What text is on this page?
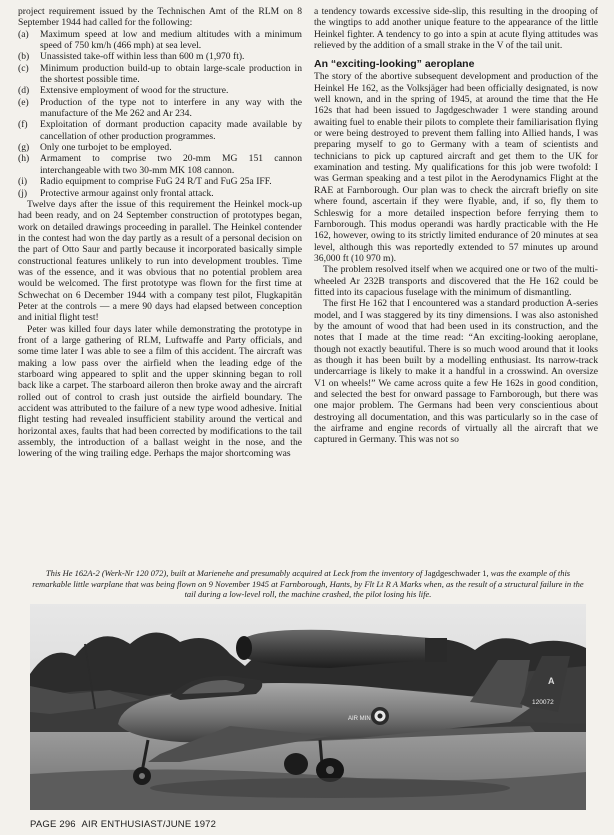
project requirement issued by the Technischen Amt of the RLM on 8 September 1944 had called for the following:

(a)	Maximum speed at low and medium altitudes with a minimum speed of 750 km/h (466 mph) at sea level.
(b)	Unassisted take-off within less than 600 m (1,970 ft).
(c)	Minimum production build-up to obtain large-scale production in the shortest possible time.
(d)	Extensive employment of wood for the structure.
(e)	Production of the type not to interfere in any way with the manufacture of the Me 262 and Ar 234.
(f)	Exploitation of dormant production capacity made available by cancellation of other production programmes.
(g)	Only one turbojet to be employed.
(h)	Armament to comprise two 20-mm MG 151 cannon interchangeable with two 30-mm MK 108 cannon.
(i)	Radio equipment to comprise FuG 24 R/T and FuG 25a IFF.
(j)	Protective armour against only frontal attack.

Twelve days after the issue of this requirement the Heinkel mock-up had been ready, and on 24 September construction of prototypes began, work on detailed drawings proceeding in parallel. The Heinkel contender in the contest had won the day partly as a result of a personal decision on the part of Otto Saur and partly because it incorporated basically simple constructional features unlikely to run into development troubles. Time was of the essence, and it was obvious that no potential problem area would be welcomed. The first prototype was flown for the first time at Schwechat on 6 December 1944 with a company test pilot, Flugkapitän Peter at the controls — a mere 90 days had elapsed between conception and initial flight test!

Peter was killed four days later while demonstrating the prototype in front of a large gathering of RLM, Luftwaffe and Party officials, and some time later I was able to see a film of this accident. The aircraft was making a low pass over the airfield when the leading edge of the starboard wing appeared to split and the upper skinning began to roll back like a carpet. The starboard aileron then broke away and the aircraft rolled out of control to crash just outside the airfield boundary. The accident was attributed to the failure of a new type wood adhesive. Initial flight testing had revealed insufficient stability around the vertical and horizontal axes, faults that had been corrected by modifications to the tail assembly, the introduction of a ballast weight in the nose, and the lowering of the wing trailing edge. Perhaps the major shortcoming was

a tendency towards excessive side-slip, this resulting in the drooping of the wingtips to add another unique feature to the appearance of the little Heinkel fighter. A tendency to go into a spin at acute flying attitudes was relieved by the addition of a small strake in the V of the tail unit.

An “exciting-looking” aeroplane

The story of the abortive subsequent development and production of the Heinkel He 162, as the Volksjäger had been officially designated, is now well known, and in the spring of 1945, at around the time that the He 162s that had been issued to Jagdgeschwader 1 were standing around awaiting fuel to enable their pilots to complete their familiarisation flying or were being destroyed to prevent them falling into Allied hands, I was preparing myself to go to Germany with a team of scientists and technicians to pick up captured aircraft and get them to the UK for examination and testing. My qualifications for this job were twofold: I was German speaking and a test pilot in the Aerodynamics Flight at the RAE at Farnborough. Our plan was to check the aircraft briefly on site where found, ascertain if they were flyable, and, if so, fly them to Schleswig for a more detailed inspection before ferrying them to Farnborough. This modus operandi was hardly practicable with the He 162, however, owing to its strictly limited endurance of 20 minutes at sea level, although this was reportedly extended to 57 minutes up around 36,000 ft (10 970 m).

The problem resolved itself when we acquired one or two of the multi-wheeled Ar 232B transports and discovered that the He 162 could be fitted into its capacious fuselage with the minimum of dismantling.

The first He 162 that I encountered was a standard production A-series model, and I was staggered by its tiny dimensions. I was also astonished by the amount of wood that had been used in its construction, and the notes that I made at the time read: “An exciting-looking aeroplane, though not exactly beautiful. There is so much wood around that it looks as though it has been built by a modelling enthusiast. Its narrow-track undercarriage is likely to make it a handful in a crosswind. An oversize V1 on wheels!” We came across quite a few He 162s in good condition, and selected the best for onward passage to Farnborough, but there was one major problem. The Germans had been very conscientious about destroying all documentation, and this was particularly so in the case of the airframe and engine records of virtually all the aircraft that we captured in Germany. This was not so

This He 162A-2 (Werk-Nr 120 072), built at Marienehe and presumably acquired at Leck from the inventory of Jagdgeschwader 1, was the example of this remarkable little warplane that was being flown on 9 November 1945 at Farnborough, Hants, by Flt Lt R A Marks when, as the result of a structural failure in the tail during a low-level roll, the machine crashed, the pilot losing his life.
AIR MIN
120072
A
PAGE 296 AIR ENTHUSIAST/JUNE 1972
